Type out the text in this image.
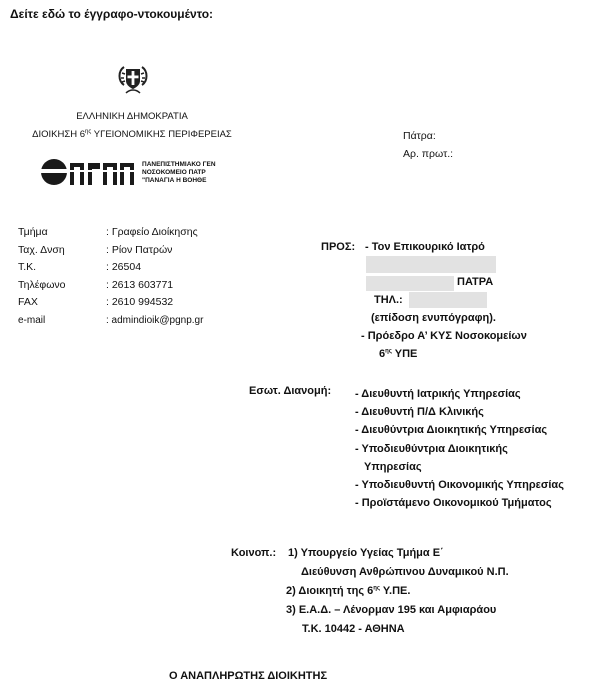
Δείτε εδώ το έγγραφο-ντοκουμέντο:
ΕΛΛΗΝΙΚΗ ΔΗΜΟΚΡΑΤΙΑ
ΔΙΟΙΚΗΣΗ $6^{\eta\varsigma}$ ΥΓΕΙΟΝΟΜΙΚΗΣ ΠΕΡΙΦΕΡΕΙΑΣ
ΠΑΝΕΠΙΣΤΗΜΙΑΚΟ ΓΕΝ
ΝΟΣΟΚΟΜΕΙΟ ΠΑΤΡ
"ΠΑΝΑΓΙΑ Η ΒΟΗΘΕ
Πάτρα:
Αρ. πρωτ.:
Τμήμα
Ταχ. Δνση
Τ.Κ.
Τηλέφωνο
FAX
e-mail
: Γραφείο Διοίκησης
: Ρίον Πατρών
: 26504
: 2613 603771
: 2610 994532
: admindioik@pgnp.gr
ΠΡΟΣ: - Τον Επικουρικό Ιατρό
ΠΑΤΡΑ
ΤΗΛ.:
(επίδοση ενυπόγραφη).
- Πρόεδρο Α’ ΚΥΣ Νοσοκομείων
$6^{\eta\varsigma}$ ΥΠΕ
Εσωτ. Διανομή: - Διευθυντή Ιατρικής Υπηρεσίας
- Διευθυντή Π/Δ Κλινικής
- Διευθύντρια Διοικητικής Υπηρεσίας
- Υποδιευθύντρια Διοικητικής
Υπηρεσίας
- Υποδιευθυντή Οικονομικής Υπηρεσίας
- Προϊστάμενο Οικονομικού Τμήματος
Κοινοπ.: 1) Υπουργείο Υγείας Τμήμα Ε΄
Διεύθυνση Ανθρώπινου Δυναμικού Ν.Π.
2) Διοικητή της $6^{\eta\varsigma}$ Υ.ΠΕ.
3) Ε.Α.Δ. – Λένορμαν 195 και Αμφιαράου
Τ.Κ. 10442 - ΑΘΗΝΑ
Ο ΑΝΑΠΛΗΡΩΤΗΣ ΔΙΟΙΚΗΤΗΣ
